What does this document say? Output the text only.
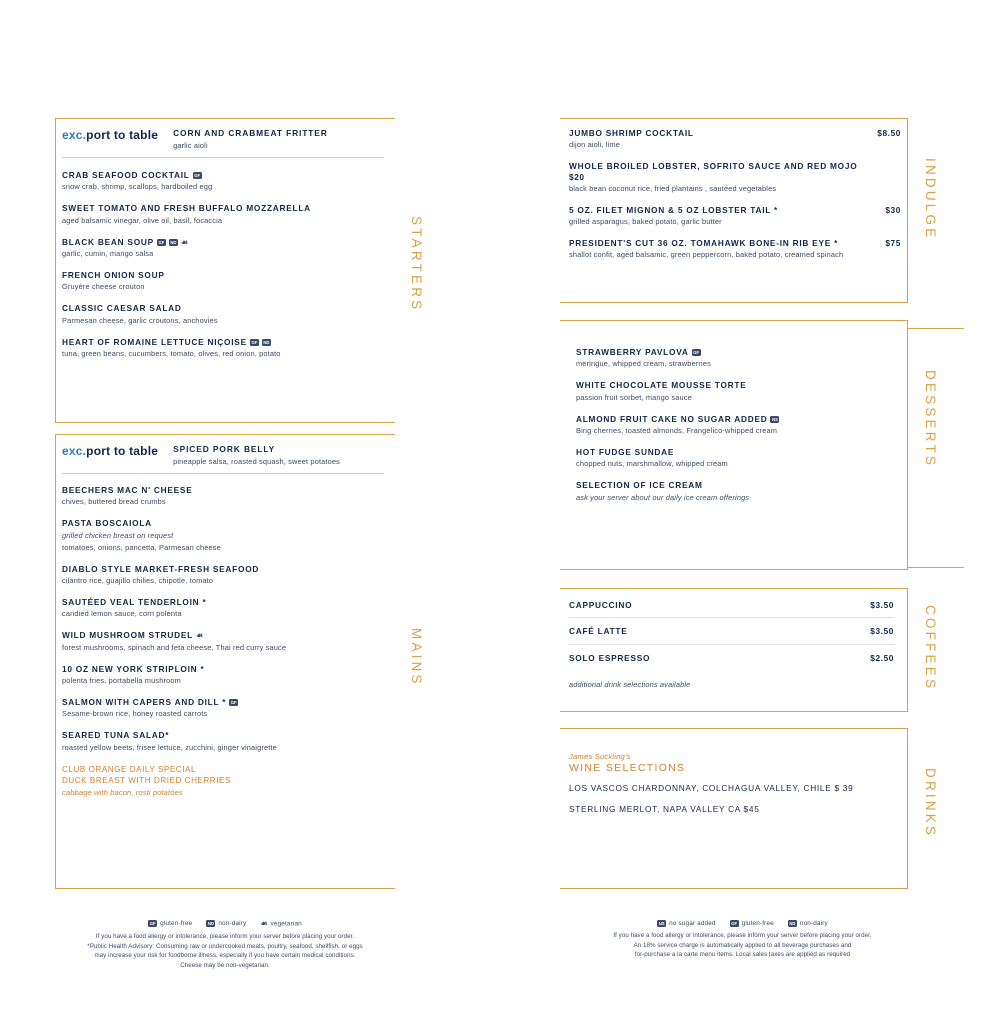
STARTERS
exc.port to table CORN AND CRABMEAT FRITTER
garlic aioli
CRAB SEAFOOD COCKTAIL GF
snow crab, shrimp, scallops, hardboiled egg
SWEET TOMATO AND FRESH BUFFALO MOZZARELLA
aged balsamic vinegar, olive oil, basil, focaccia
BLACK BEAN SOUP GF ND ☙
garlic, cumin, mango salsa
FRENCH ONION SOUP
Gruyère cheese crouton
CLASSIC CAESAR SALAD
Parmesan cheese, garlic croutons, anchovies
HEART OF ROMAINE LETTUCE NIÇOISE GF ND
tuna, green beans, cucumbers, tomato, olives, red onion, potato
MAINS
exc.port to table SPICED PORK BELLY
pineapple salsa, roasted squash, sweet potatoes
BEECHERS MAC N' CHEESE
chives, buttered bread crumbs
PASTA BOSCAIOLA
grilled chicken breast on request
tomatoes, onions, pancetta, Parmesan cheese
DIABLO STYLE MARKET-FRESH SEAFOOD
cilantro rice, guajillo chilies, chipotle, tomato
SAUTÉED VEAL TENDERLOIN *
candied lemon sauce, corn polenta
WILD MUSHROOM STRUDEL ☙
forest mushrooms, spinach and feta cheese, Thai red curry sauce
10 OZ NEW YORK STRIPLOIN *
polenta fries, portabella mushroom
SALMON WITH CAPERS AND DILL * GF
Sesame-brown rice, honey roasted carrots
SEARED TUNA SALAD*
roasted yellow beets, frisee lettuce, zucchini, ginger vinaigrette
CLUB ORANGE DAILY SPECIAL
DUCK BREAST WITH DRIED CHERRIES
cabbage with bacon, rosti potatoes
INDULGE
JUMBO SHRIMP COCKTAIL	$8.50
dijon aioli, lime
WHOLE BROILED LOBSTER, SOFRITO SAUCE AND RED MOJO
$20
black bean coconut rice, fried plantains , sautéed vegetables
5 OZ. FILET MIGNON & 5 OZ LOBSTER TAIL *	$30
grilled asparagus, baked potato, garlic butter
PRESIDENT'S CUT 36 OZ. TOMAHAWK BONE-IN RIB EYE *	$75
shallot confit, aged balsamic, green peppercorn, baked potato, creamed spinach
DESSERTS
STRAWBERRY PAVLOVA GF
meringue, whipped cream, strawberries
WHITE CHOCOLATE MOUSSE TORTE
passion fruit sorbet, mango sauce
ALMOND FRUIT CAKE NO SUGAR ADDED NS
Bing cherries, toasted almonds, Frangelico-whipped cream
HOT FUDGE SUNDAE
chopped nuts, marshmallow, whipped cream
SELECTION OF ICE CREAM
ask your server about our daily ice cream offerings
COFFEES
CAPPUCCINO	$3.50
CAFÉ LATTE	$3.50
SOLO ESPRESSO	$2.50
additional drink selections available
DRINKS
James Suckling's
WINE SELECTIONS
LOS VASCOS CHARDONNAY, COLCHAGUA VALLEY, CHILE $ 39
STERLING MERLOT, NAPA VALLEY CA $45
GF gluten-free	ND non-dairy ☙ vegetarian
If you have a food allergy or intolerance, please inform your server before placing your order.
*Public Health Advisory: Consuming raw or undercooked meats, poultry, seafood, shellfish, or eggs
may increase your risk for foodborne illness, especially if you have certain medical conditions.
Cheese may be non-vegetarian.
NS no sugar added	GF gluten-free	ND non-dairy
If you have a food allergy or intolerance, please inform your server before placing your order.
An 18% service charge is automatically applied to all beverage purchases and
for-purchase a la carte menu items. Local sales taxes are applied as required
